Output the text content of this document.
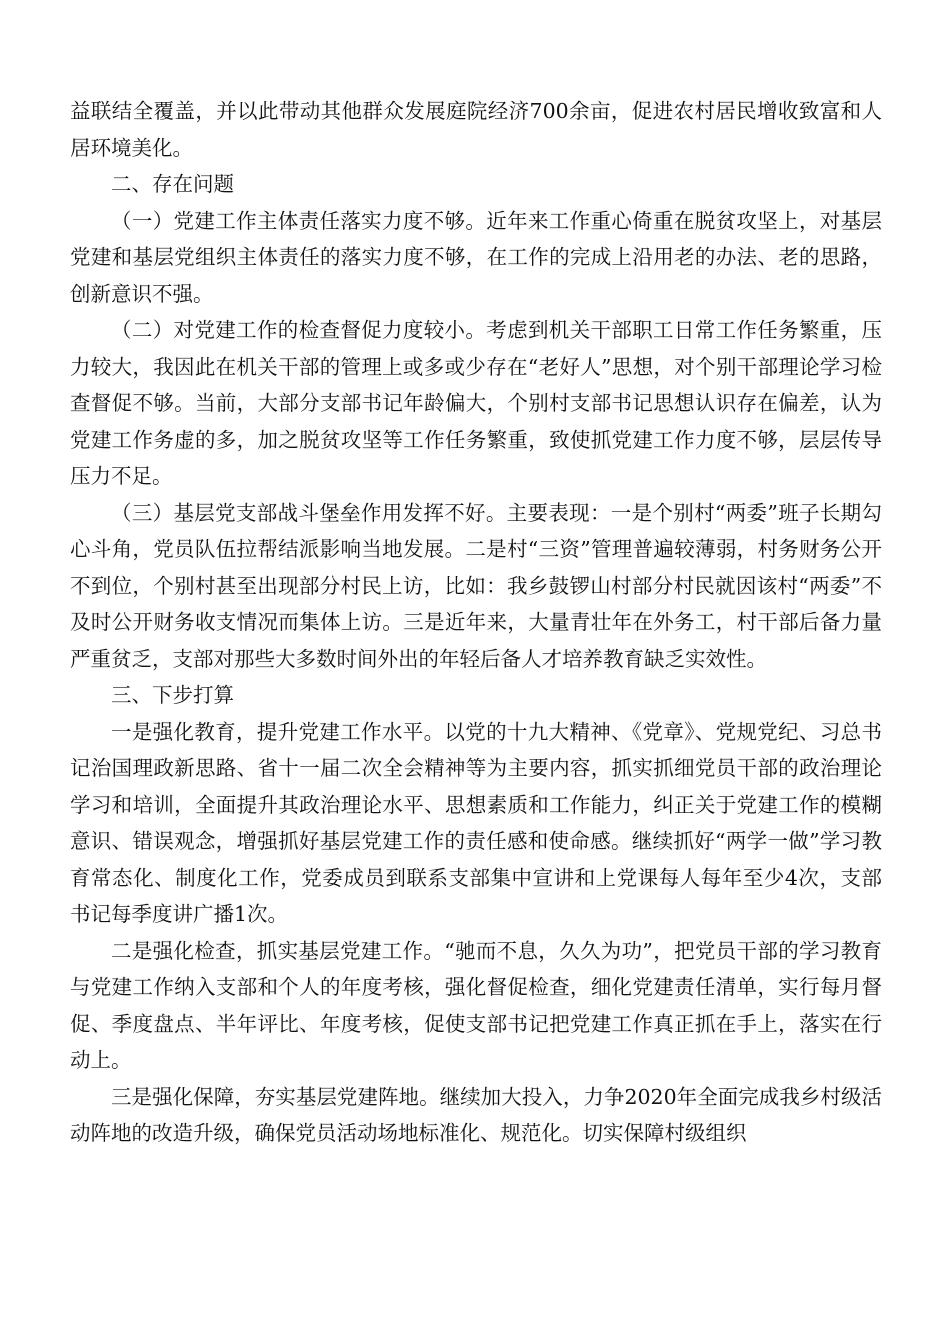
益联结全覆盖，并以此带动其他群众发展庭院经济700余亩，促进农村居民增收致富和人居环境美化。

二、存在问题

（一）党建工作主体责任落实力度不够。近年来工作重心倚重在脱贫攻坚上，对基层党建和基层党组织主体责任的落实力度不够，在工作的完成上沿用老的办法、老的思路，创新意识不强。

（二）对党建工作的检查督促力度较小。考虑到机关干部职工日常工作任务繁重，压力较大，我因此在机关干部的管理上或多或少存在“老好人”思想，对个别干部理论学习检查督促不够。当前，大部分支部书记年龄偏大，个别村支部书记思想认识存在偏差，认为党建工作务虚的多，加之脱贫攻坚等工作任务繁重，致使抓党建工作力度不够，层层传导压力不足。

（三）基层党支部战斗堡垒作用发挥不好。主要表现：一是个别村“两委”班子长期勾心斗角，党员队伍拉帮结派影响当地发展。二是村“三资”管理普遍较薄弱，村务财务公开不到位，个别村甚至出现部分村民上访，比如：我乡鼓锣山村部分村民就因该村“两委”不及时公开财务收支情况而集体上访。三是近年来，大量青壮年在外务工，村干部后备力量严重贫乏，支部对那些大多数时间外出的年轻后备人才培养教育缺乏实效性。

三、下步打算

一是强化教育，提升党建工作水平。以党的十九大精神、《党章》、党规党纪、习总书记治国理政新思路、省十一届二次全会精神等为主要内容，抓实抓细党员干部的政治理论学习和培训，全面提升其政治理论水平、思想素质和工作能力，纠正关于党建工作的模糊意识、错误观念，增强抓好基层党建工作的责任感和使命感。继续抓好“两学一做”学习教育常态化、制度化工作，党委成员到联系支部集中宣讲和上党课每人每年至少4次，支部书记每季度讲广播1次。

二是强化检查，抓实基层党建工作。“驰而不息，久久为功”，把党员干部的学习教育与党建工作纳入支部和个人的年度考核，强化督促检查，细化党建责任清单，实行每月督促、季度盘点、半年评比、年度考核，促使支部书记把党建工作真正抓在手上，落实在行动上。

三是强化保障，夯实基层党建阵地。继续加大投入，力争2020年全面完成我乡村级活动阵地的改造升级，确保党员活动场地标准化、规范化。切实保障村级组织
